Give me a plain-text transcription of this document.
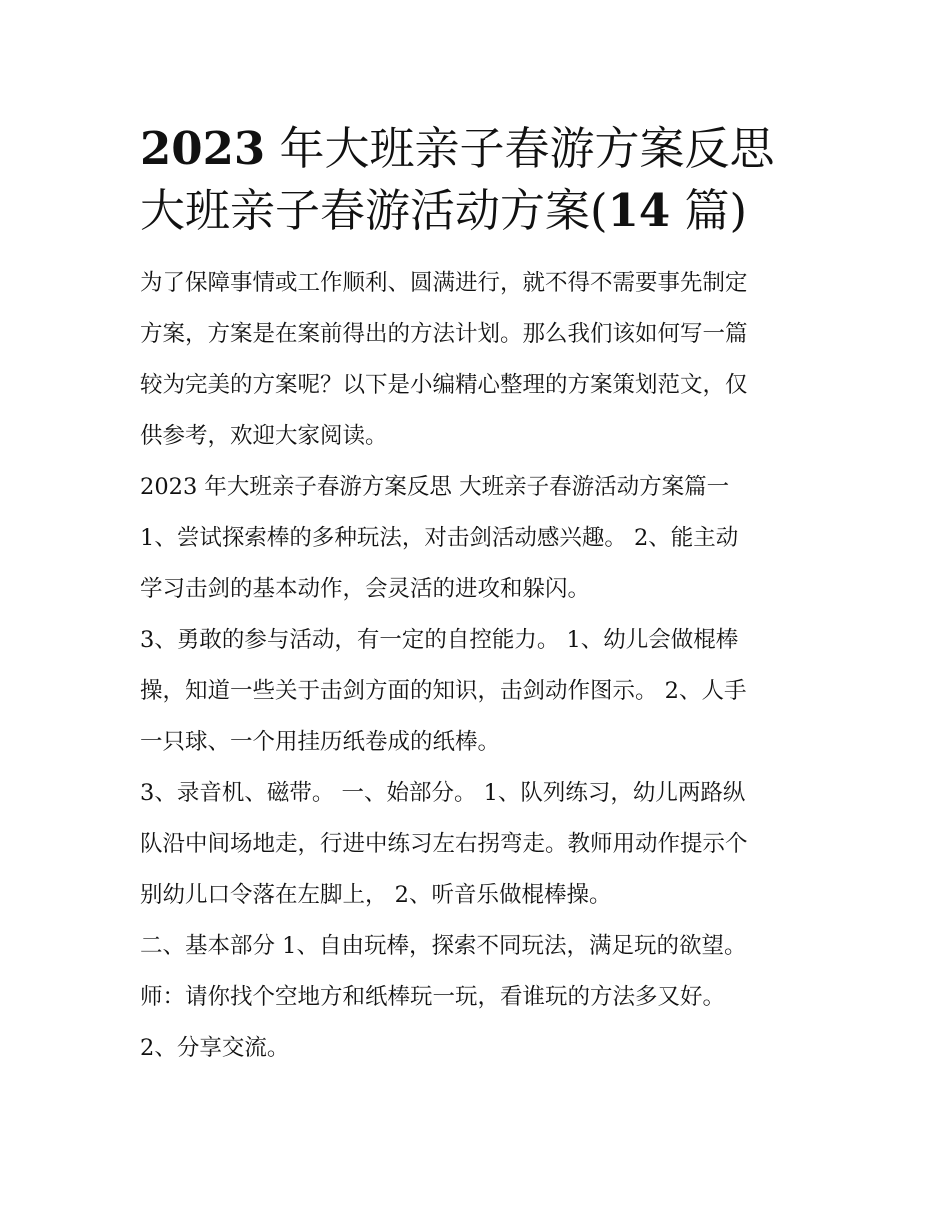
2023 年大班亲子春游方案反思
大班亲子春游活动方案(14 篇)

为了保障事情或工作顺利、圆满进行，就不得不需要事先制定
方案，方案是在案前得出的方法计划。那么我们该如何写一篇
较为完美的方案呢？以下是小编精心整理的方案策划范文，仅
供参考，欢迎大家阅读。
2023 年大班亲子春游方案反思 大班亲子春游活动方案篇一
1、尝试探索棒的多种玩法，对击剑活动感兴趣。 2、能主动
学习击剑的基本动作，会灵活的进攻和躲闪。
3、勇敢的参与活动，有一定的自控能力。 1、幼儿会做棍棒
操，知道一些关于击剑方面的知识，击剑动作图示。 2、人手
一只球、一个用挂历纸卷成的纸棒。
3、录音机、磁带。 一、始部分。 1、队列练习，幼儿两路纵
队沿中间场地走，行进中练习左右拐弯走。教师用动作提示个
别幼儿口令落在左脚上， 2、听音乐做棍棒操。
二、基本部分 1、自由玩棒，探索不同玩法，满足玩的欲望。
师：请你找个空地方和纸棒玩一玩，看谁玩的方法多又好。
2、分享交流。
